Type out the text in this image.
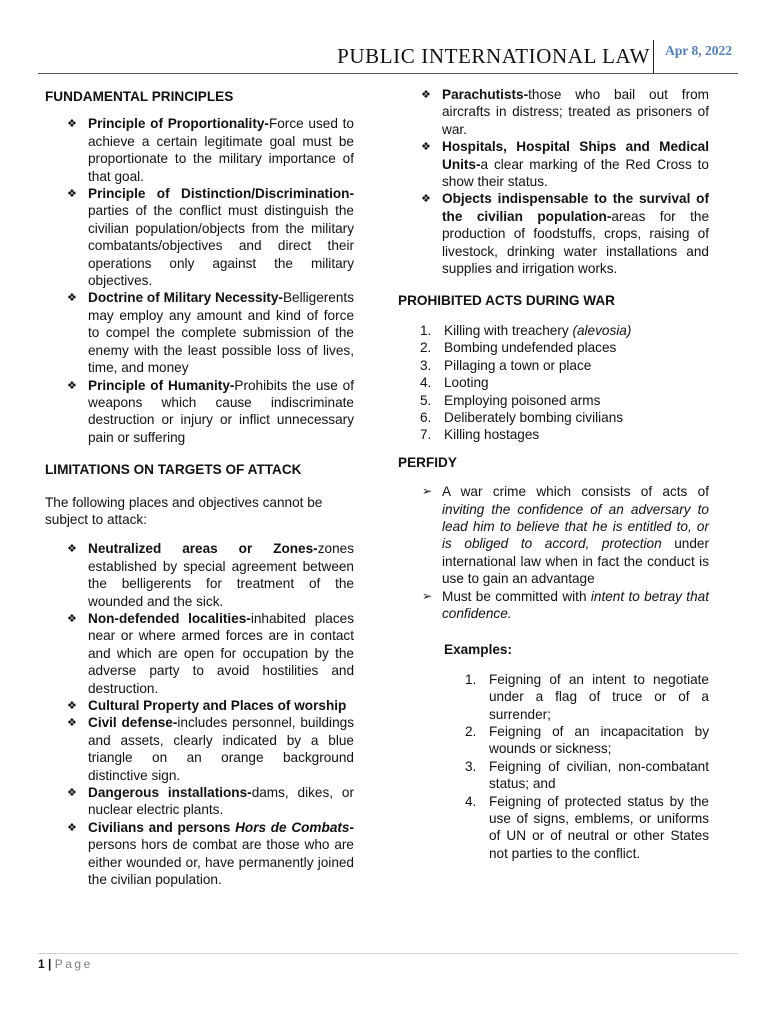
PUBLIC INTERNATIONAL LAW Apr 8, 2022

FUNDAMENTAL PRINCIPLES

❖ Principle of Proportionality-Force used to achieve a certain legitimate goal must be proportionate to the military importance of that goal.
❖ Principle of Distinction/Discrimination-parties of the conflict must distinguish the civilian population/objects from the military combatants/objectives and direct their operations only against the military objectives.
❖ Doctrine of Military Necessity-Belligerents may employ any amount and kind of force to compel the complete submission of the enemy with the least possible loss of lives, time, and money
❖ Principle of Humanity-Prohibits the use of weapons which cause indiscriminate destruction or injury or inflict unnecessary pain or suffering

LIMITATIONS ON TARGETS OF ATTACK

The following places and objectives cannot be subject to attack:

❖ Neutralized areas or Zones-zones established by special agreement between the belligerents for treatment of the wounded and the sick.
❖ Non-defended localities-inhabited places near or where armed forces are in contact and which are open for occupation by the adverse party to avoid hostilities and destruction.
❖ Cultural Property and Places of worship
❖ Civil defense-includes personnel, buildings and assets, clearly indicated by a blue triangle on an orange background distinctive sign.
❖ Dangerous installations-dams, dikes, or nuclear electric plants.
❖ Civilians and persons Hors de Combats-persons hors de combat are those who are either wounded or, have permanently joined the civilian population.
❖ Parachutists-those who bail out from aircrafts in distress; treated as prisoners of war.
❖ Hospitals, Hospital Ships and Medical Units-a clear marking of the Red Cross to show their status.
❖ Objects indispensable to the survival of the civilian population-areas for the production of foodstuffs, crops, raising of livestock, drinking water installations and supplies and irrigation works.

PROHIBITED ACTS DURING WAR

1. Killing with treachery (alevosia)
2. Bombing undefended places
3. Pillaging a town or place
4. Looting
5. Employing poisoned arms
6. Deliberately bombing civilians
7. Killing hostages

PERFIDY

➢ A war crime which consists of acts of inviting the confidence of an adversary to lead him to believe that he is entitled to, or is obliged to accord, protection under international law when in fact the conduct is use to gain an advantage
➢ Must be committed with intent to betray that confidence.

Examples:

1. Feigning of an intent to negotiate under a flag of truce or of a surrender;
2. Feigning of an incapacitation by wounds or sickness;
3. Feigning of civilian, non-combatant status; and
4. Feigning of protected status by the use of signs, emblems, or uniforms of UN or of neutral or other States not parties to the conflict.
1 | Page
